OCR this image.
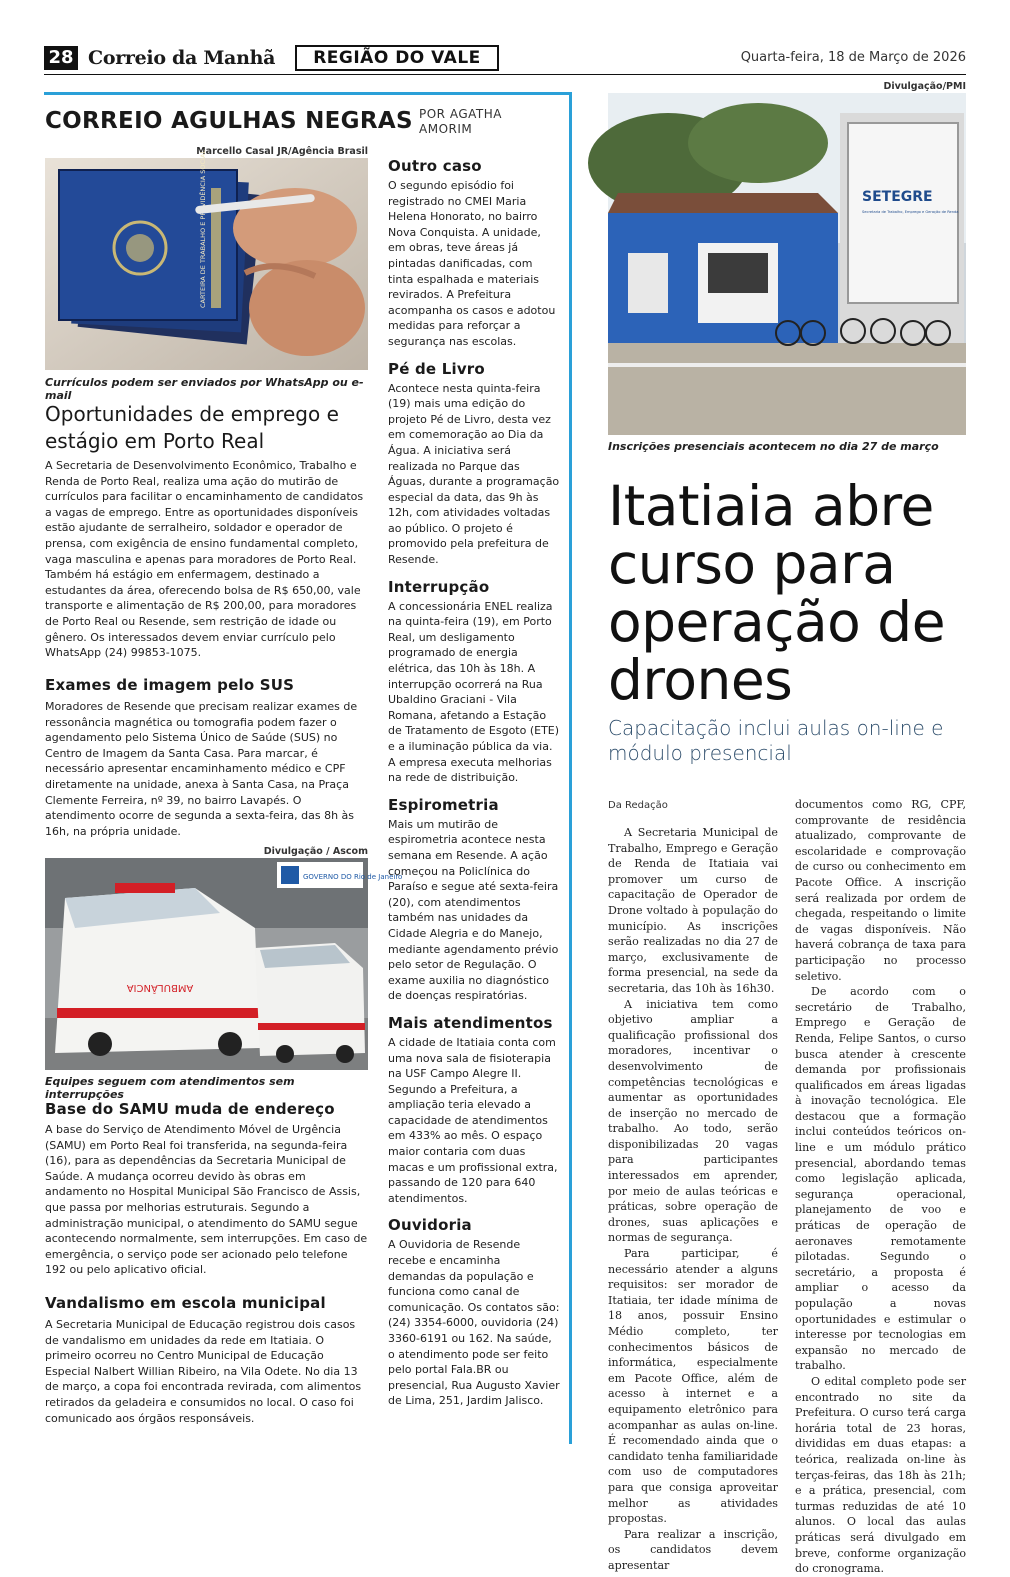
28 Correio da Manhã	REGIÃO DO VALE	Quarta-feira, 18 de Março de 2026
CORREIO AGULHAS NEGRAS POR AGATHA
AMORIM
Marcello Casal JR/Agência Brasil
CARTEIRA DE TRABALHO E PREVIDÊNCIA SOCIAL
Currículos podem ser enviados por WhatsApp ou e-mail
Oportunidades de emprego e estágio em Porto Real
A Secretaria de Desenvolvimento Econômico, Trabalho e Renda de Porto Real, realiza uma ação do mutirão de currículos para facilitar o encaminhamento de candidatos a vagas de emprego. Entre as oportunidades disponíveis estão ajudante de serralheiro, soldador e operador de prensa, com exigência de ensino fundamental completo, vaga masculina e apenas para moradores de Porto Real. Também há estágio em enfermagem, destinado a estudantes da área, oferecendo bolsa de R$ 650,00, vale transporte e alimentação de R$ 200,00, para moradores de Porto Real ou Resende, sem restrição de idade ou gênero. Os interessados devem enviar currículo pelo WhatsApp (24) 99853-1075.
Exames de imagem pelo SUS
Moradores de Resende que precisam realizar exames de ressonância magnética ou tomografia podem fazer o agendamento pelo Sistema Único de Saúde (SUS) no Centro de Imagem da Santa Casa. Para marcar, é necessário apresentar encaminhamento médico e CPF diretamente na unidade, anexa à Santa Casa, na Praça Clemente Ferreira, nº 39, no bairro Lavapés. O atendimento ocorre de segunda a sexta-feira, das 8h às 16h, na própria unidade.
Divulgação / Ascom
AMBULÂNCIA
GOVERNO DO Rio de Janeiro
Equipes seguem com atendimentos sem interrupções
Base do SAMU muda de endereço
A base do Serviço de Atendimento Móvel de Urgência (SAMU) em Porto Real foi transferida, na segunda-feira (16), para as dependências da Secretaria Municipal de Saúde. A mudança ocorreu devido às obras em andamento no Hospital Municipal São Francisco de Assis, que passa por melhorias estruturais. Segundo a administração municipal, o atendimento do SAMU segue acontecendo normalmente, sem interrupções. Em caso de emergência, o serviço pode ser acionado pelo telefone 192 ou pelo aplicativo oficial.
Vandalismo em escola municipal
A Secretaria Municipal de Educação registrou dois casos de vandalismo em unidades da rede em Itatiaia. O primeiro ocorreu no Centro Municipal de Educação Especial Nalbert Willian Ribeiro, na Vila Odete. No dia 13 de março, a copa foi encontrada revirada, com alimentos retirados da geladeira e consumidos no local. O caso foi comunicado aos órgãos responsáveis.
Outro caso
O segundo episódio foi registrado no CMEI Maria Helena Honorato, no bairro Nova Conquista. A unidade, em obras, teve áreas já pintadas danificadas, com tinta espalhada e materiais revirados. A Prefeitura acompanha os casos e adotou medidas para reforçar a segurança nas escolas.
Pé de Livro
Acontece nesta quinta-feira (19) mais uma edição do projeto Pé de Livro, desta vez em comemoração ao Dia da Água. A iniciativa será realizada no Parque das Águas, durante a programação especial da data, das 9h às 12h, com atividades voltadas ao público. O projeto é promovido pela prefeitura de Resende.
Interrupção
A concessionária ENEL realiza na quinta-feira (19), em Porto Real, um desligamento programado de energia elétrica, das 10h às 18h. A interrupção ocorrerá na Rua Ubaldino Graciani - Vila Romana, afetando a Estação de Tratamento de Esgoto (ETE) e a iluminação pública da via. A empresa executa melhorias na rede de distribuição.
Espirometria
Mais um mutirão de espirometria acontece nesta semana em Resende. A ação começou na Policlínica do Paraíso e segue até sexta-feira (20), com atendimentos também nas unidades da Cidade Alegria e do Manejo, mediante agendamento prévio pelo setor de Regulação. O exame auxilia no diagnóstico de doenças respiratórias.
Mais atendimentos
A cidade de Itatiaia conta com uma nova sala de fisioterapia na USF Campo Alegre II. Segundo a Prefeitura, a ampliação teria elevado a capacidade de atendimentos em 433% ao mês. O espaço maior contaria com duas macas e um profissional extra, passando de 120 para 640 atendimentos.
Ouvidoria
A Ouvidoria de Resende recebe e encaminha demandas da população e funciona como canal de comunicação. Os contatos são: (24) 3354-6000, ouvidoria (24) 3360-6191 ou 162. Na saúde, o atendimento pode ser feito pelo portal Fala.BR ou presencial, Rua Augusto Xavier de Lima, 251, Jardim Jalisco.
Divulgação/PMI
SETEGRE
Secretaria de Trabalho, Emprego e Geração de Renda
Inscrições presenciais acontecem no dia 27 de março
Itatiaia abre curso para operação de drones
Capacitação inclui aulas on-line e módulo presencial
Da Redação

A Secretaria Municipal de Trabalho, Emprego e Geração de Renda de Itatiaia vai promover um curso de capacitação de Operador de Drone voltado à população do município. As inscrições serão realizadas no dia 27 de março, exclusivamente de forma presencial, na sede da secretaria, das 10h às 16h30.

A iniciativa tem como objetivo ampliar a qualificação profissional dos moradores, incentivar o desenvolvimento de competências tecnológicas e aumentar as oportunidades de inserção no mercado de trabalho. Ao todo, serão disponibilizadas 20 vagas para participantes interessados em aprender, por meio de aulas teóricas e práticas, sobre operação de drones, suas aplicações e normas de segurança.

Para participar, é necessário atender a alguns requisitos: ser morador de Itatiaia, ter idade mínima de 18 anos, possuir Ensino Médio completo, ter conhecimentos básicos de informática, especialmente em Pacote Office, além de acesso à internet e a equipamento eletrônico para acompanhar as aulas on-line. É recomendado ainda que o candidato tenha familiaridade com uso de computadores para que consiga aproveitar melhor as atividades propostas.

Para realizar a inscrição, os candidatos devem apresentar

documentos como RG, CPF, comprovante de residência atualizado, comprovante de escolaridade e comprovação de curso ou conhecimento em Pacote Office. A inscrição será realizada por ordem de chegada, respeitando o limite de vagas disponíveis. Não haverá cobrança de taxa para participação no processo seletivo.

De acordo com o secretário de Trabalho, Emprego e Geração de Renda, Felipe Santos, o curso busca atender à crescente demanda por profissionais qualificados em áreas ligadas à inovação tecnológica. Ele destacou que a formação inclui conteúdos teóricos on-line e um módulo prático presencial, abordando temas como legislação aplicada, segurança operacional, planejamento de voo e práticas de operação de aeronaves remotamente pilotadas. Segundo o secretário, a proposta é ampliar o acesso da população a novas oportunidades e estimular o interesse por tecnologias em expansão no mercado de trabalho.

O edital completo pode ser encontrado no site da Prefeitura. O curso terá carga horária total de 23 horas, divididas em duas etapas: a teórica, realizada on-line às terças-feiras, das 18h às 21h; e a prática, presencial, com turmas reduzidas de até 10 alunos. O local das aulas práticas será divulgado em breve, conforme organização do cronograma.
